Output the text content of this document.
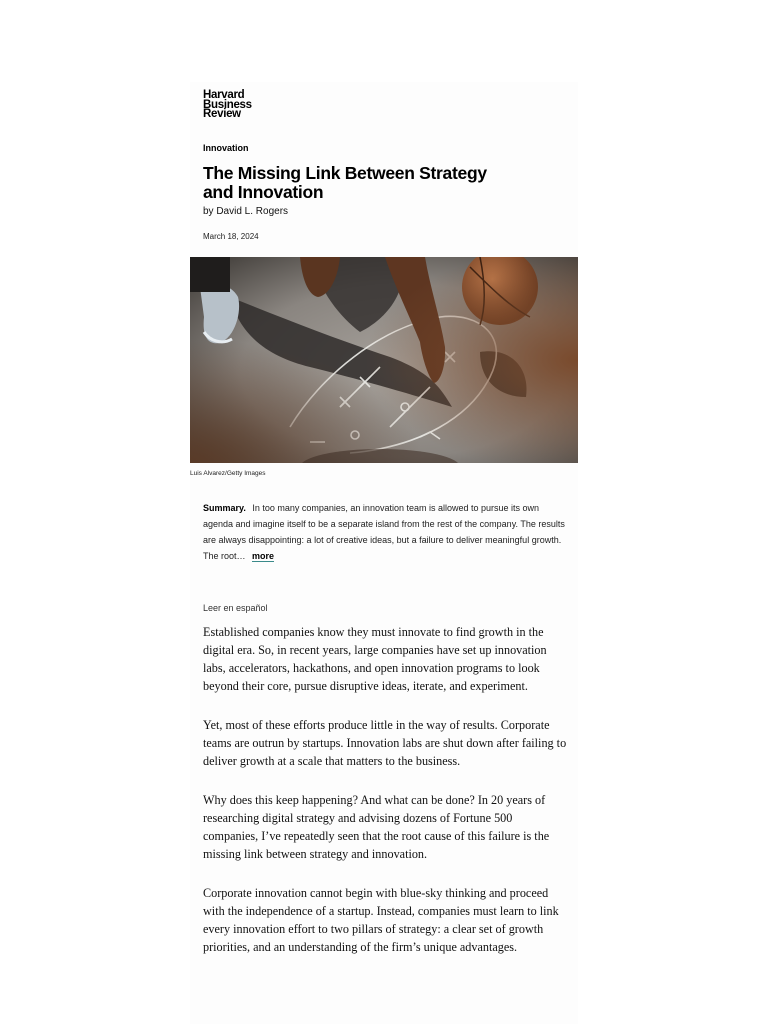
Harvard
Business
Review
Innovation
The Missing Link Between Strategy and Innovation
by David L. Rogers
March 18, 2024
Luis Alvarez/Getty Images
Summary. In too many companies, an innovation team is allowed to pursue its own agenda and imagine itself to be a separate island from the rest of the company. The results are always disappointing: a lot of creative ideas, but a failure to deliver meaningful growth. The root… more
Leer en español

Established companies know they must innovate to find growth in the digital era. So, in recent years, large companies have set up innovation labs, accelerators, hackathons, and open innovation programs to look beyond their core, pursue disruptive ideas, iterate, and experiment.

Yet, most of these efforts produce little in the way of results. Corporate teams are outrun by startups. Innovation labs are shut down after failing to deliver growth at a scale that matters to the business.

Why does this keep happening? And what can be done? In 20 years of researching digital strategy and advising dozens of Fortune 500 companies, I’ve repeatedly seen that the root cause of this failure is the missing link between strategy and innovation.

Corporate innovation cannot begin with blue-sky thinking and proceed with the independence of a startup. Instead, companies must learn to link every innovation effort to two pillars of strategy: a clear set of growth priorities, and an understanding of the firm’s unique advantages.
